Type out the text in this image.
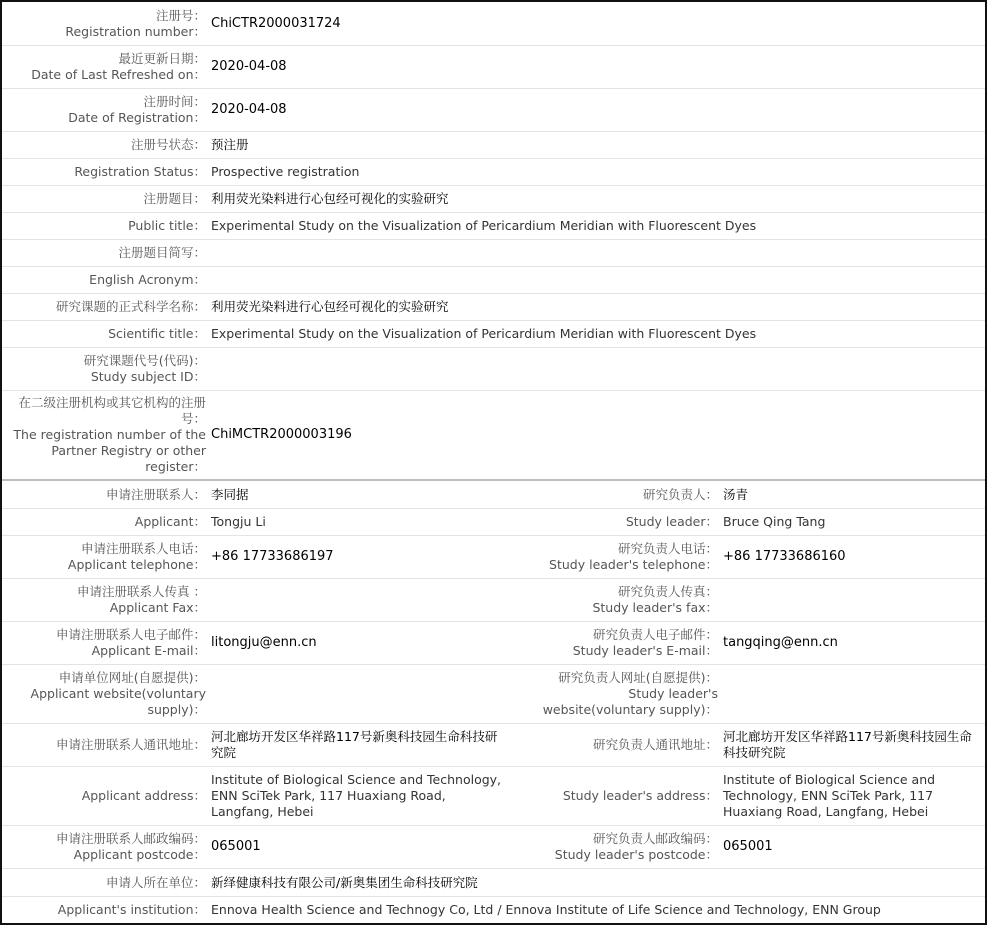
注册号：
Registration number：
ChiCTR2000031724
最近更新日期：
Date of Last Refreshed on：
2020-04-08
注册时间：
Date of Registration：
2020-04-08
注册号状态： 预注册
Registration Status： Prospective registration
注册题目： 利用荧光染料进行心包经可视化的实验研究
Public title： Experimental Study on the Visualization of Pericardium Meridian with Fluorescent Dyes
注册题目简写：
English Acronym：
研究课题的正式科学名称： 利用荧光染料进行心包经可视化的实验研究
Scientific title： Experimental Study on the Visualization of Pericardium Meridian with Fluorescent Dyes
研究课题代号(代码)：
Study subject ID：
在二级注册机构或其它机构的注册
号：
The registration number of the
Partner Registry or other
register：
ChiMCTR2000003196
申请注册联系人： 李同据	研究负责人： 汤青
Applicant： Tongju Li	Study leader： Bruce Qing Tang
申请注册联系人电话：
Applicant telephone：
+86 17733686197
研究负责人电话：
Study leader's telephone：
+86 17733686160
申请注册联系人传真 ：
Applicant Fax：
研究负责人传真：
Study leader's fax：
申请注册联系人电子邮件：
Applicant E-mail：
litongju@enn.cn
研究负责人电子邮件：
Study leader's E-mail：
tangqing@enn.cn
申请单位网址(自愿提供)：
Applicant website(voluntary
supply)：
研究负责人网址(自愿提供)：
Study leader's
website(voluntary supply)：
申请注册联系人通讯地址：
河北廊坊开发区华祥路117号新奥科技园生命科技研究院
研究负责人通讯地址：
河北廊坊开发区华祥路117号新奥科技园生命科技研究院
Applicant address：
Institute of Biological Science and Technology, ENN SciTek Park, 117 Huaxiang Road, Langfang, Hebei
Study leader's address：
Institute of Biological Science and Technology, ENN SciTek Park, 117 Huaxiang Road, Langfang, Hebei
申请注册联系人邮政编码：
Applicant postcode：
065001
研究负责人邮政编码：
Study leader's postcode：
065001
申请人所在单位： 新绎健康科技有限公司/新奥集团生命科技研究院
Applicant's institution： Ennova Health Science and Technogy Co, Ltd / Ennova Institute of Life Science and Technology, ENN Group
